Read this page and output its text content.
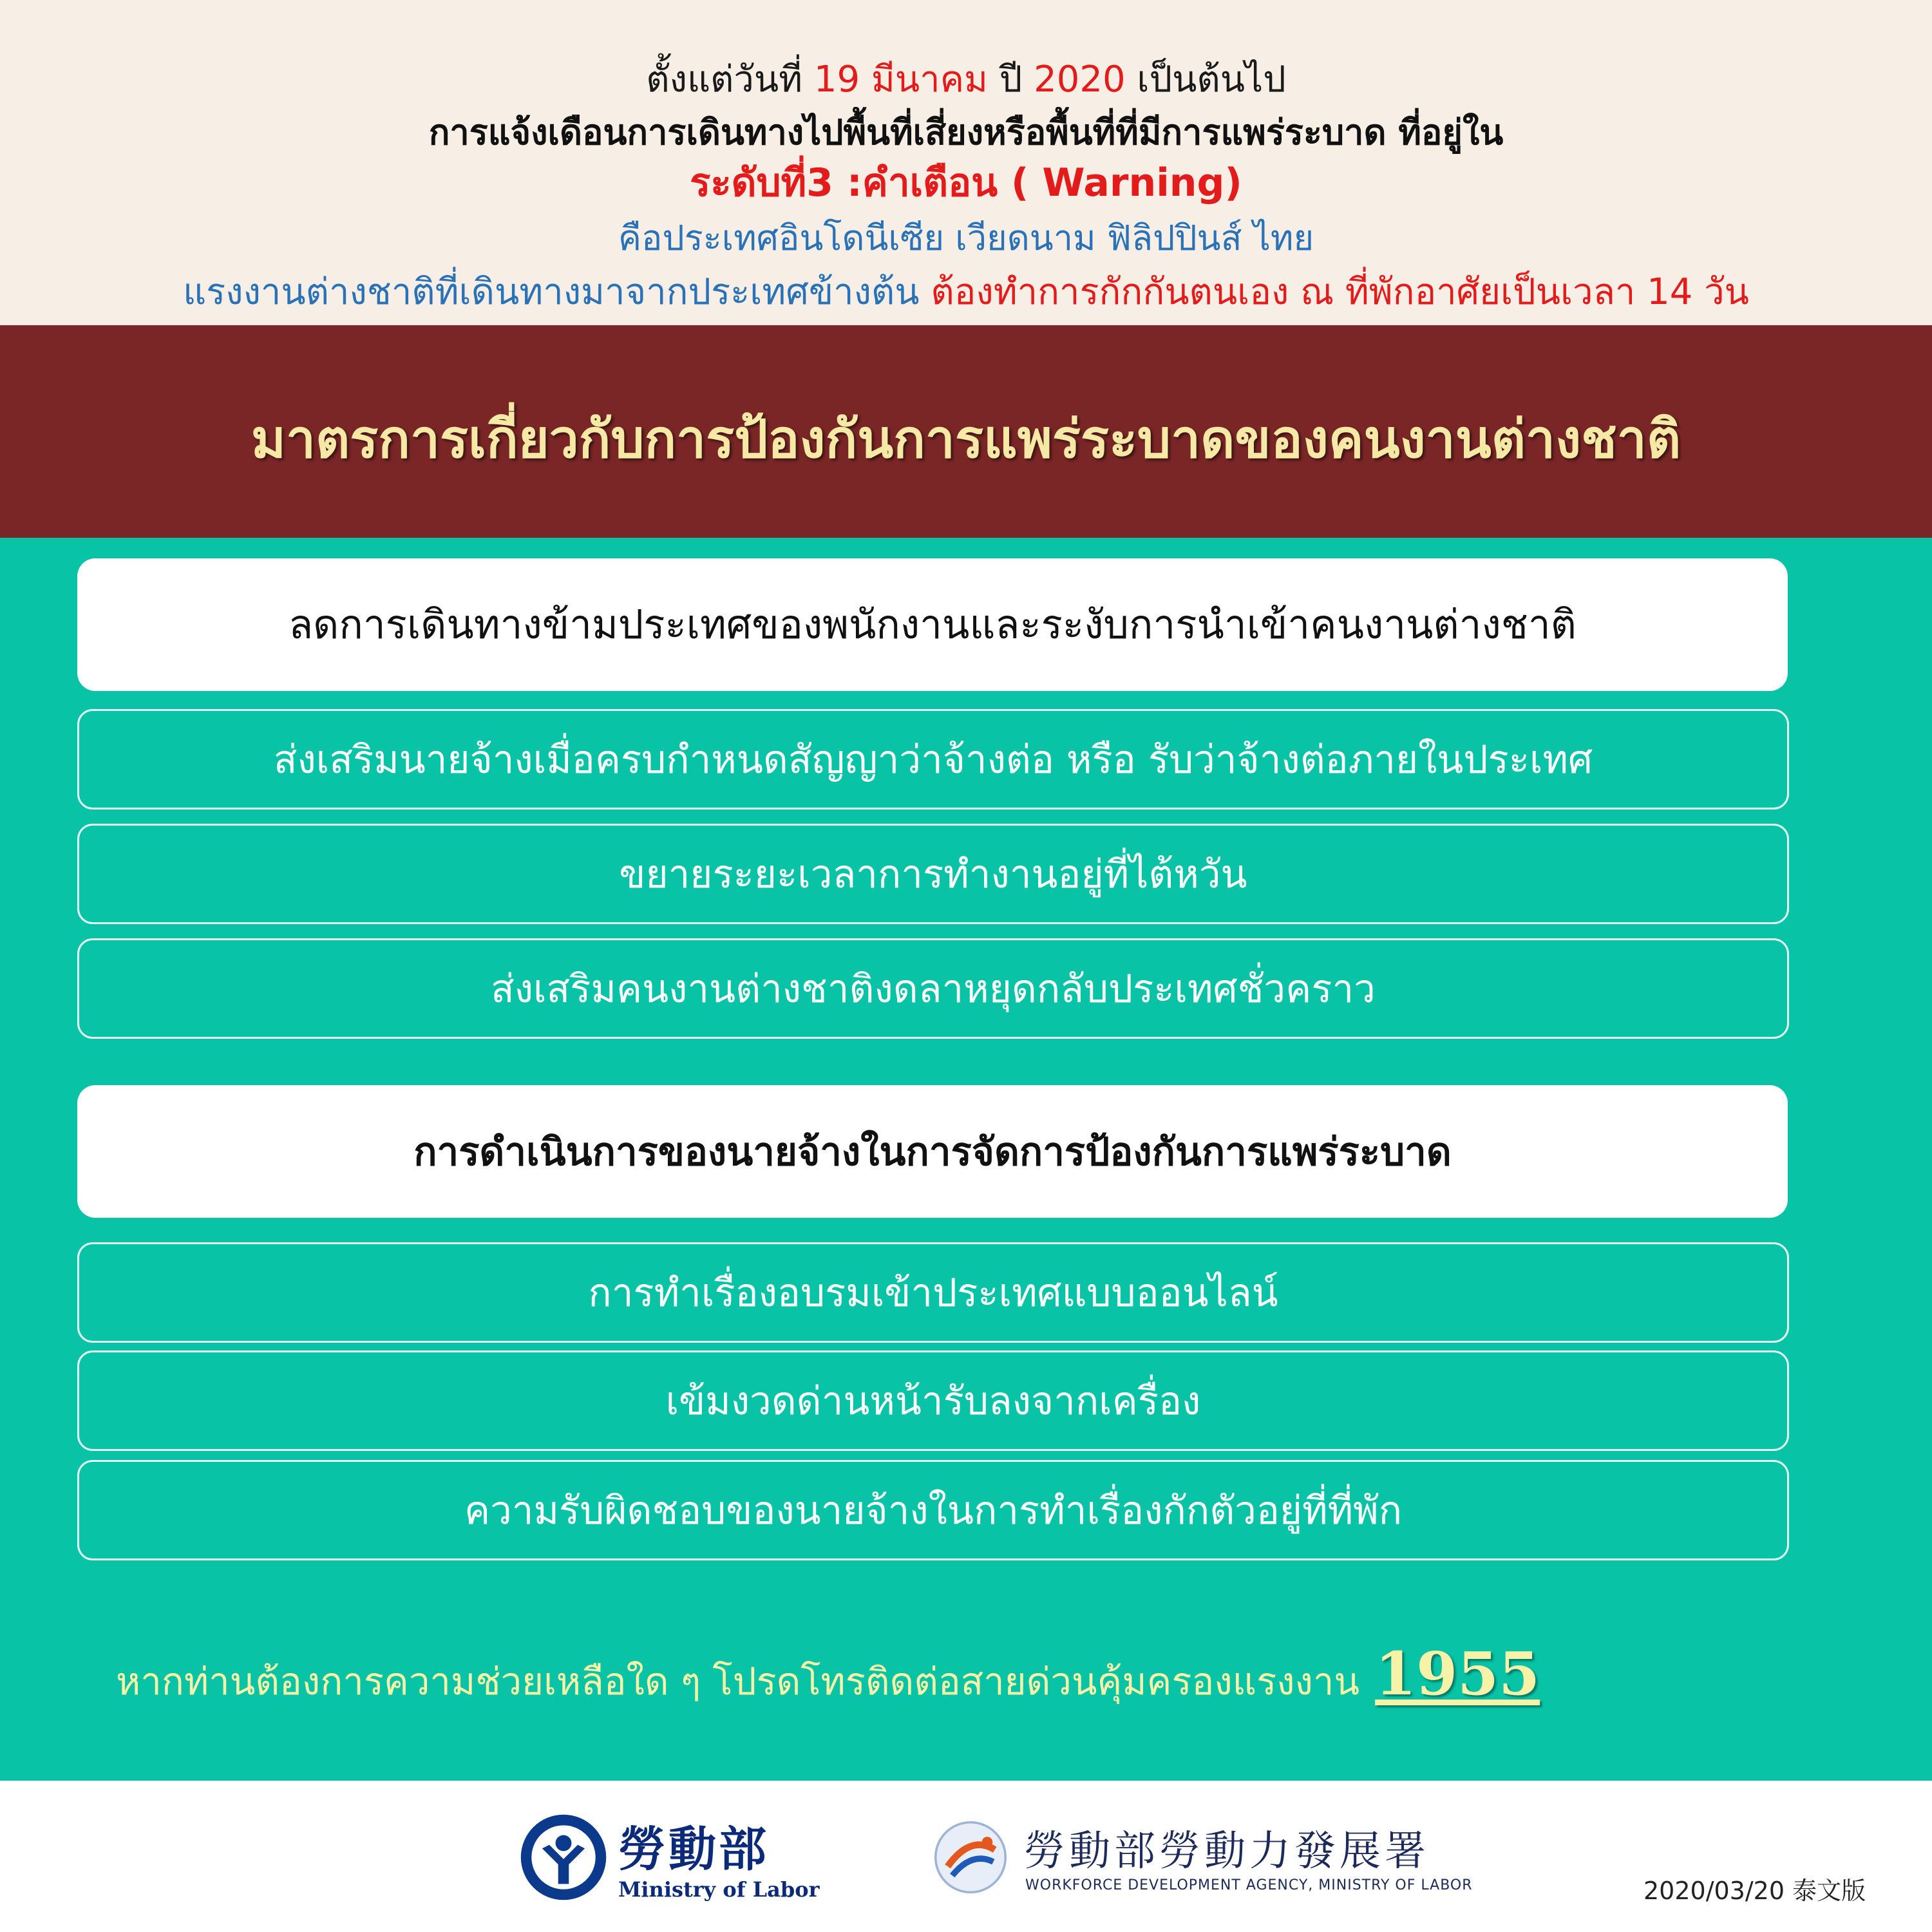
ตั้งแต่วันที่ 19 มีนาคม ปี 2020 เป็นต้นไป
การแจ้งเดือนการเดินทางไปพื้นที่เสี่ยงหรือพื้นที่ที่มีการแพร่ระบาด ที่อยู่ใน
ระดับที่3 :คำเตือน ( Warning)
คือประเทศอินโดนีเซีย เวียดนาม ฟิลิปปินส์ ไทย
แรงงานต่างชาติที่เดินทางมาจากประเทศข้างต้น ต้องทำการกักกันตนเอง ณ ที่พักอาศัยเป็นเวลา 14 วัน
มาตรการเกี่ยวกับการป้องกันการแพร่ระบาดของคนงานต่างชาติ
ลดการเดินทางข้ามประเทศของพนักงานและระงับการนำเข้าคนงานต่างชาติ
ส่งเสริมนายจ้างเมื่อครบกำหนดสัญญาว่าจ้างต่อ หรือ รับว่าจ้างต่อภายในประเทศ
ขยายระยะเวลาการทำงานอยู่ที่ไต้หวัน
ส่งเสริมคนงานต่างชาติงดลาหยุดกลับประเทศชั่วคราว
การดำเนินการของนายจ้างในการจัดการป้องกันการแพร่ระบาด
การทำเรื่องอบรมเข้าประเทศแบบออนไลน์
เข้มงวดด่านหน้ารับลงจากเครื่อง
ความรับผิดชอบของนายจ้างในการทำเรื่องกักตัวอยู่ที่ที่พัก
หากท่านต้องการความช่วยเหลือใด ๆ โปรดโทรติดต่อสายด่วนคุ้มครองแรงงาน 1955
勞動部
Ministry of Labor
勞動部勞動力發展署
WORKFORCE DEVELOPMENT AGENCY, MINISTRY OF LABOR	2020/03/20 泰文版
